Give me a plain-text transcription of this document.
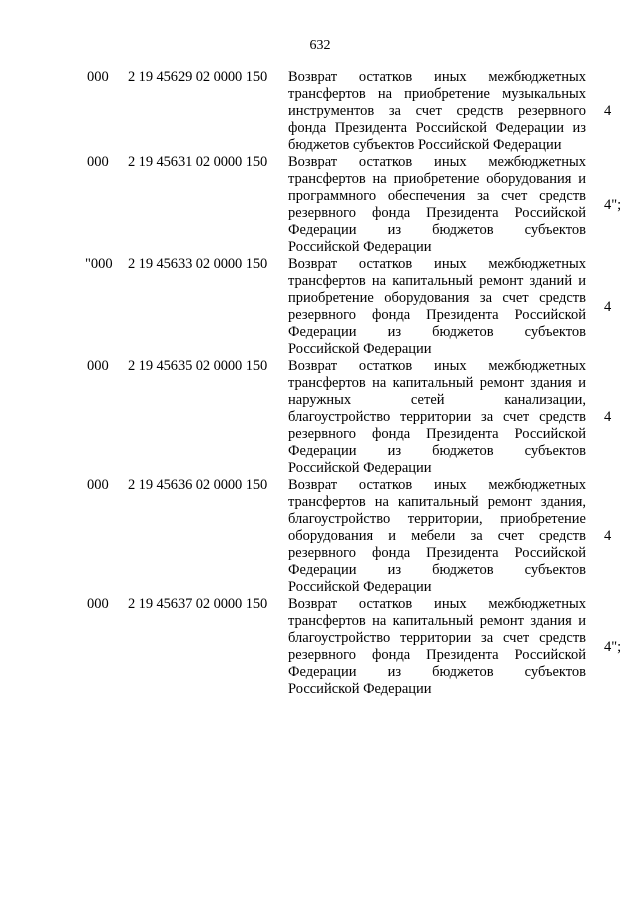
632
000	2 19 45629 02 0000 150	Возврат остатков иных межбюджетных
трансфертов на приобретение музыкальных
инструментов за счет средств резервного
фонда Президента Российской Федерации из
бюджетов субъектов Российской Федерации
4
000	2 19 45631 02 0000 150	Возврат остатков иных межбюджетных
трансфертов на приобретение оборудования и
программного обеспечения за счет средств
резервного фонда Президента Российской
Федерации из бюджетов субъектов
Российской Федерации
4";
"000	2 19 45633 02 0000 150	Возврат остатков иных межбюджетных
трансфертов на капитальный ремонт зданий и
приобретение оборудования за счет средств
резервного фонда Президента Российской
Федерации из бюджетов субъектов
Российской Федерации
4
000	2 19 45635 02 0000 150	Возврат остатков иных межбюджетных
трансфертов на капитальный ремонт здания и
наружных сетей канализации,
благоустройство территории за счет средств
резервного фонда Президента Российской
Федерации из бюджетов субъектов
Российской Федерации
4
000	2 19 45636 02 0000 150	Возврат остатков иных межбюджетных
трансфертов на капитальный ремонт здания,
благоустройство территории, приобретение
оборудования и мебели за счет средств
резервного фонда Президента Российской
Федерации из бюджетов субъектов
Российской Федерации
4
000	2 19 45637 02 0000 150	Возврат остатков иных межбюджетных
трансфертов на капитальный ремонт здания и
благоустройство территории за счет средств
резервного фонда Президента Российской
Федерации из бюджетов субъектов
Российской Федерации
4";
